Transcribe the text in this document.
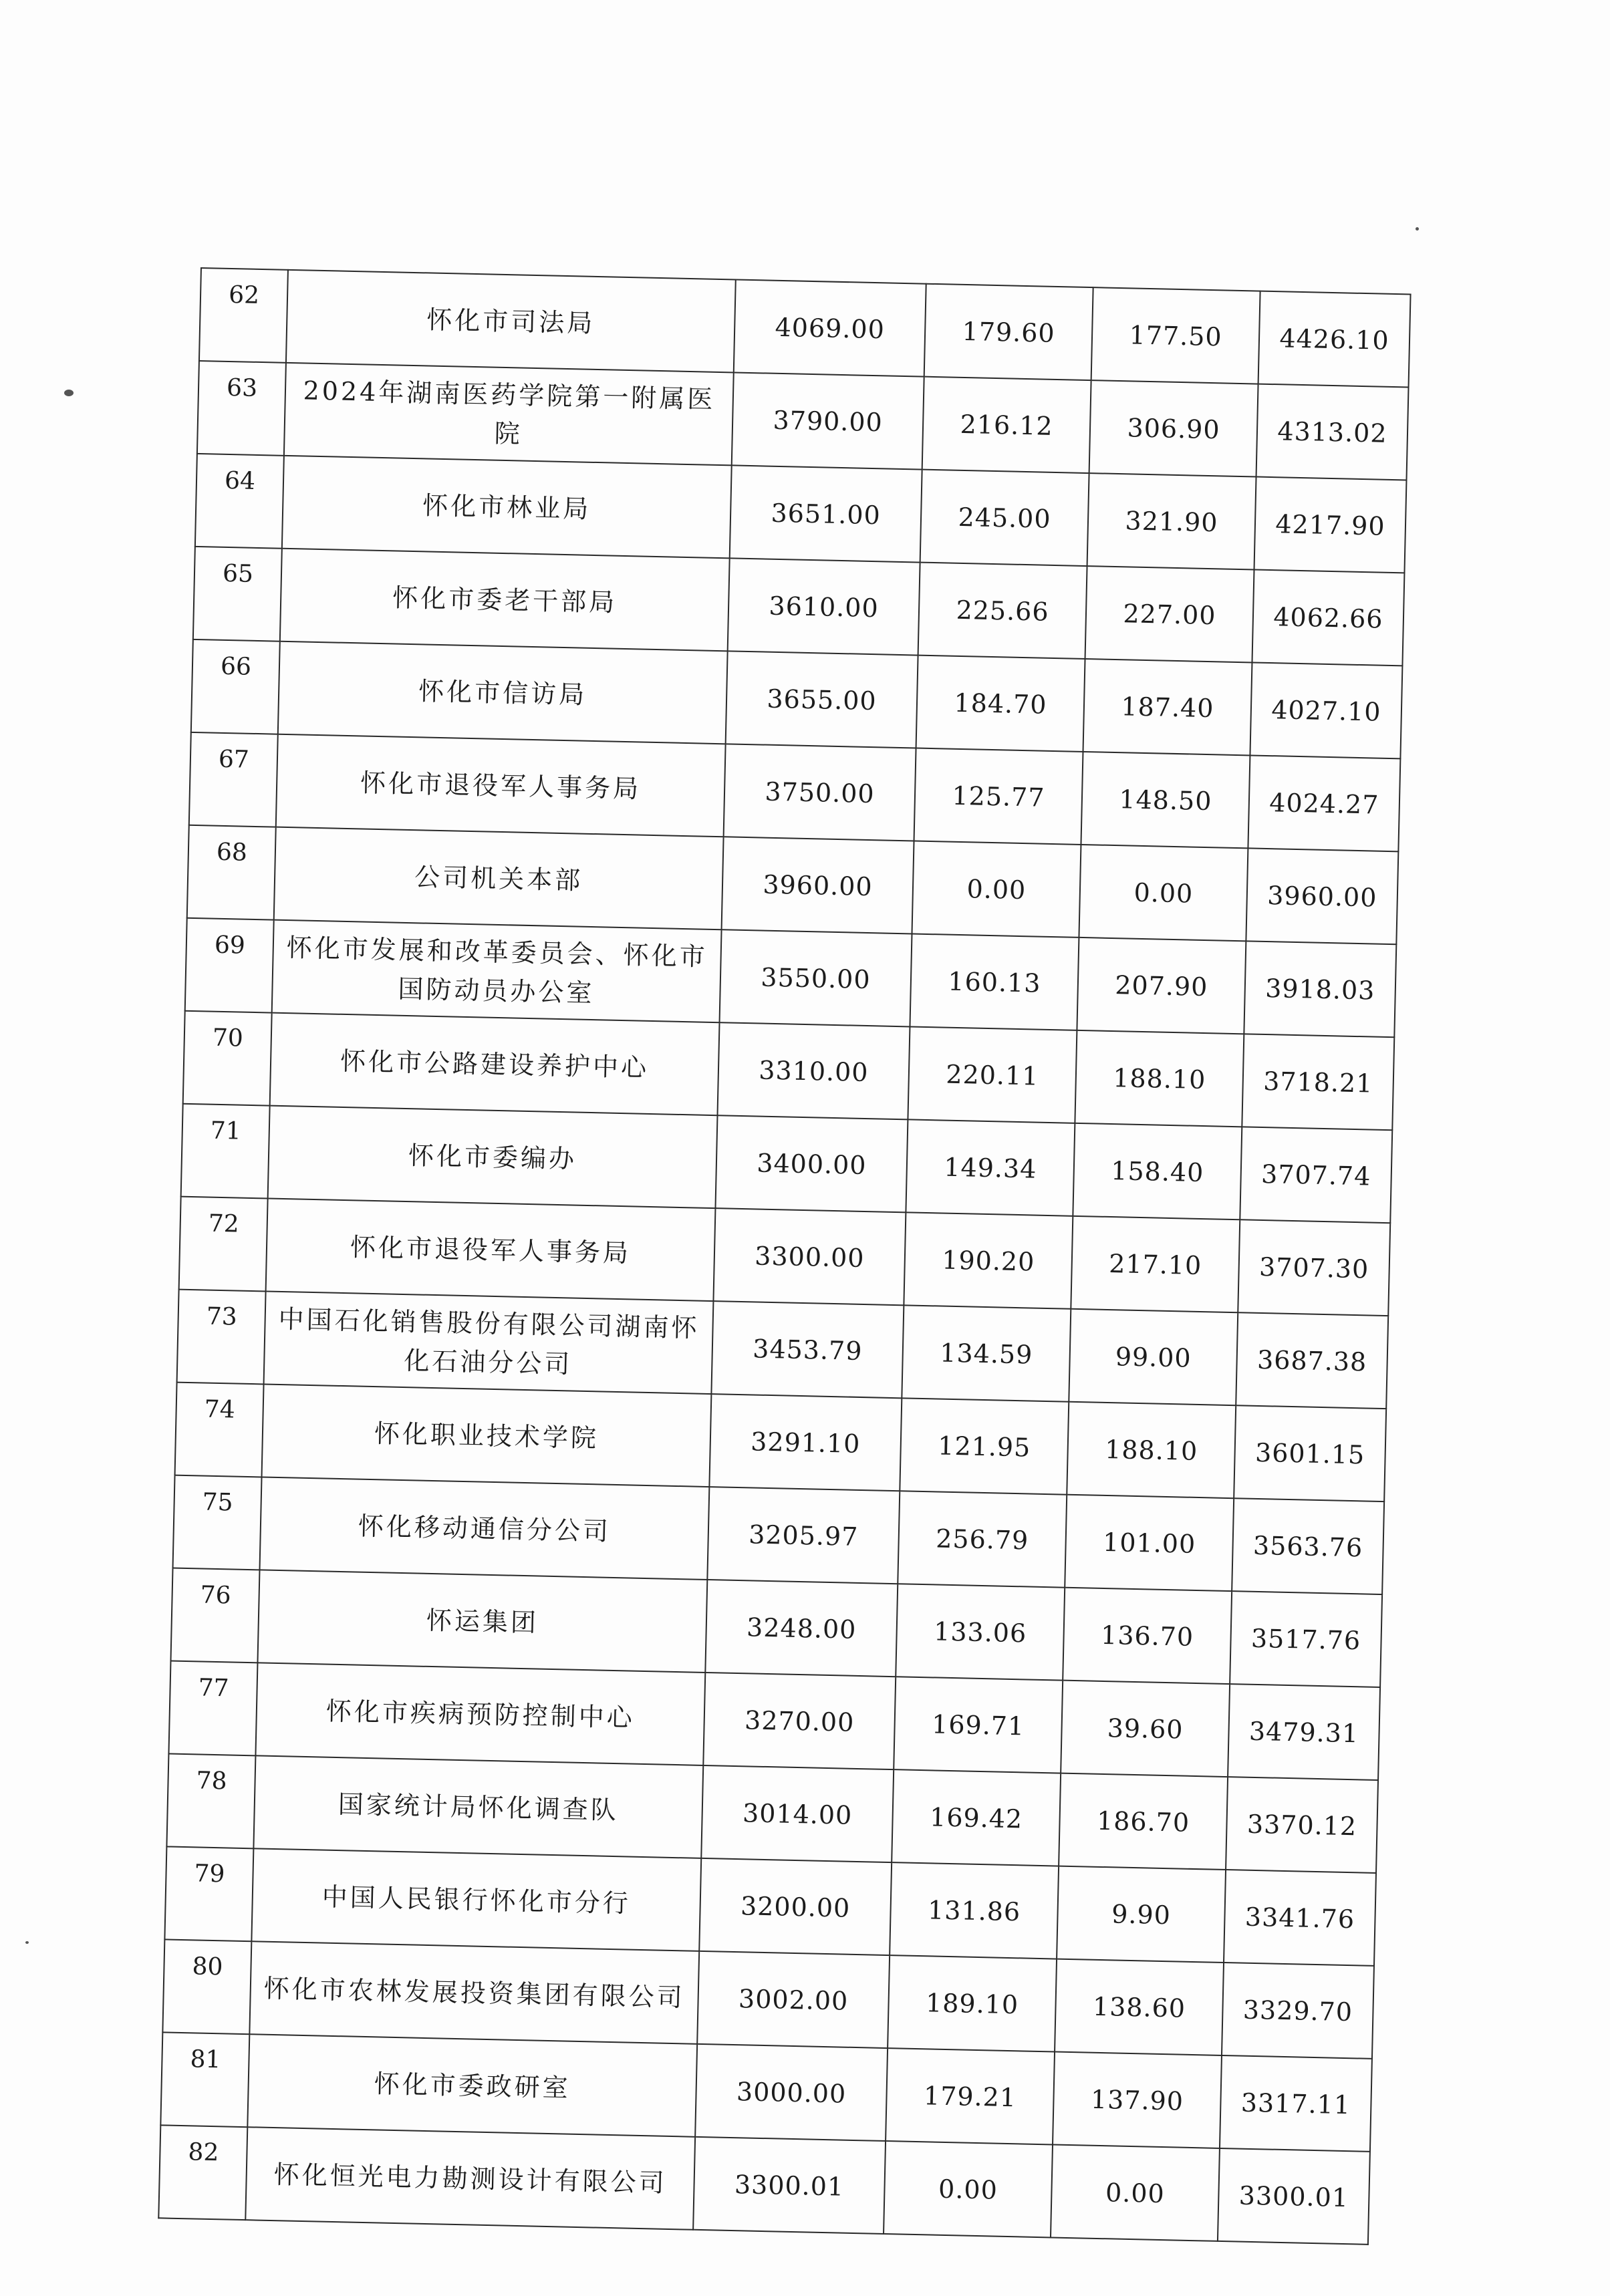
62	怀化市司法局	4069.00	179.60	177.50	4426.10
63	2024年湖南医药学院第一附属医院	3790.00	216.12	306.90	4313.02
64	怀化市林业局	3651.00	245.00	321.90	4217.90
65	怀化市委老干部局	3610.00	225.66	227.00	4062.66
66	怀化市信访局	3655.00	184.70	187.40	4027.10
67	怀化市退役军人事务局	3750.00	125.77	148.50	4024.27
68	公司机关本部	3960.00	0.00	0.00	3960.00
69	怀化市发展和改革委员会、怀化市国防动员办公室	3550.00	160.13	207.90	3918.03
70	怀化市公路建设养护中心	3310.00	220.11	188.10	3718.21
71	怀化市委编办	3400.00	149.34	158.40	3707.74
72	怀化市退役军人事务局	3300.00	190.20	217.10	3707.30
73	中国石化销售股份有限公司湖南怀化石油分公司	3453.79	134.59	99.00	3687.38
74	怀化职业技术学院	3291.10	121.95	188.10	3601.15
75	怀化移动通信分公司	3205.97	256.79	101.00	3563.76
76	怀运集团	3248.00	133.06	136.70	3517.76
77	怀化市疾病预防控制中心	3270.00	169.71	39.60	3479.31
78	国家统计局怀化调查队	3014.00	169.42	186.70	3370.12
79	中国人民银行怀化市分行	3200.00	131.86	9.90	3341.76
80	怀化市农林发展投资集团有限公司	3002.00	189.10	138.60	3329.70
81	怀化市委政研室	3000.00	179.21	137.90	3317.11
82	怀化恒光电力勘测设计有限公司	3300.01	0.00	0.00	3300.01
